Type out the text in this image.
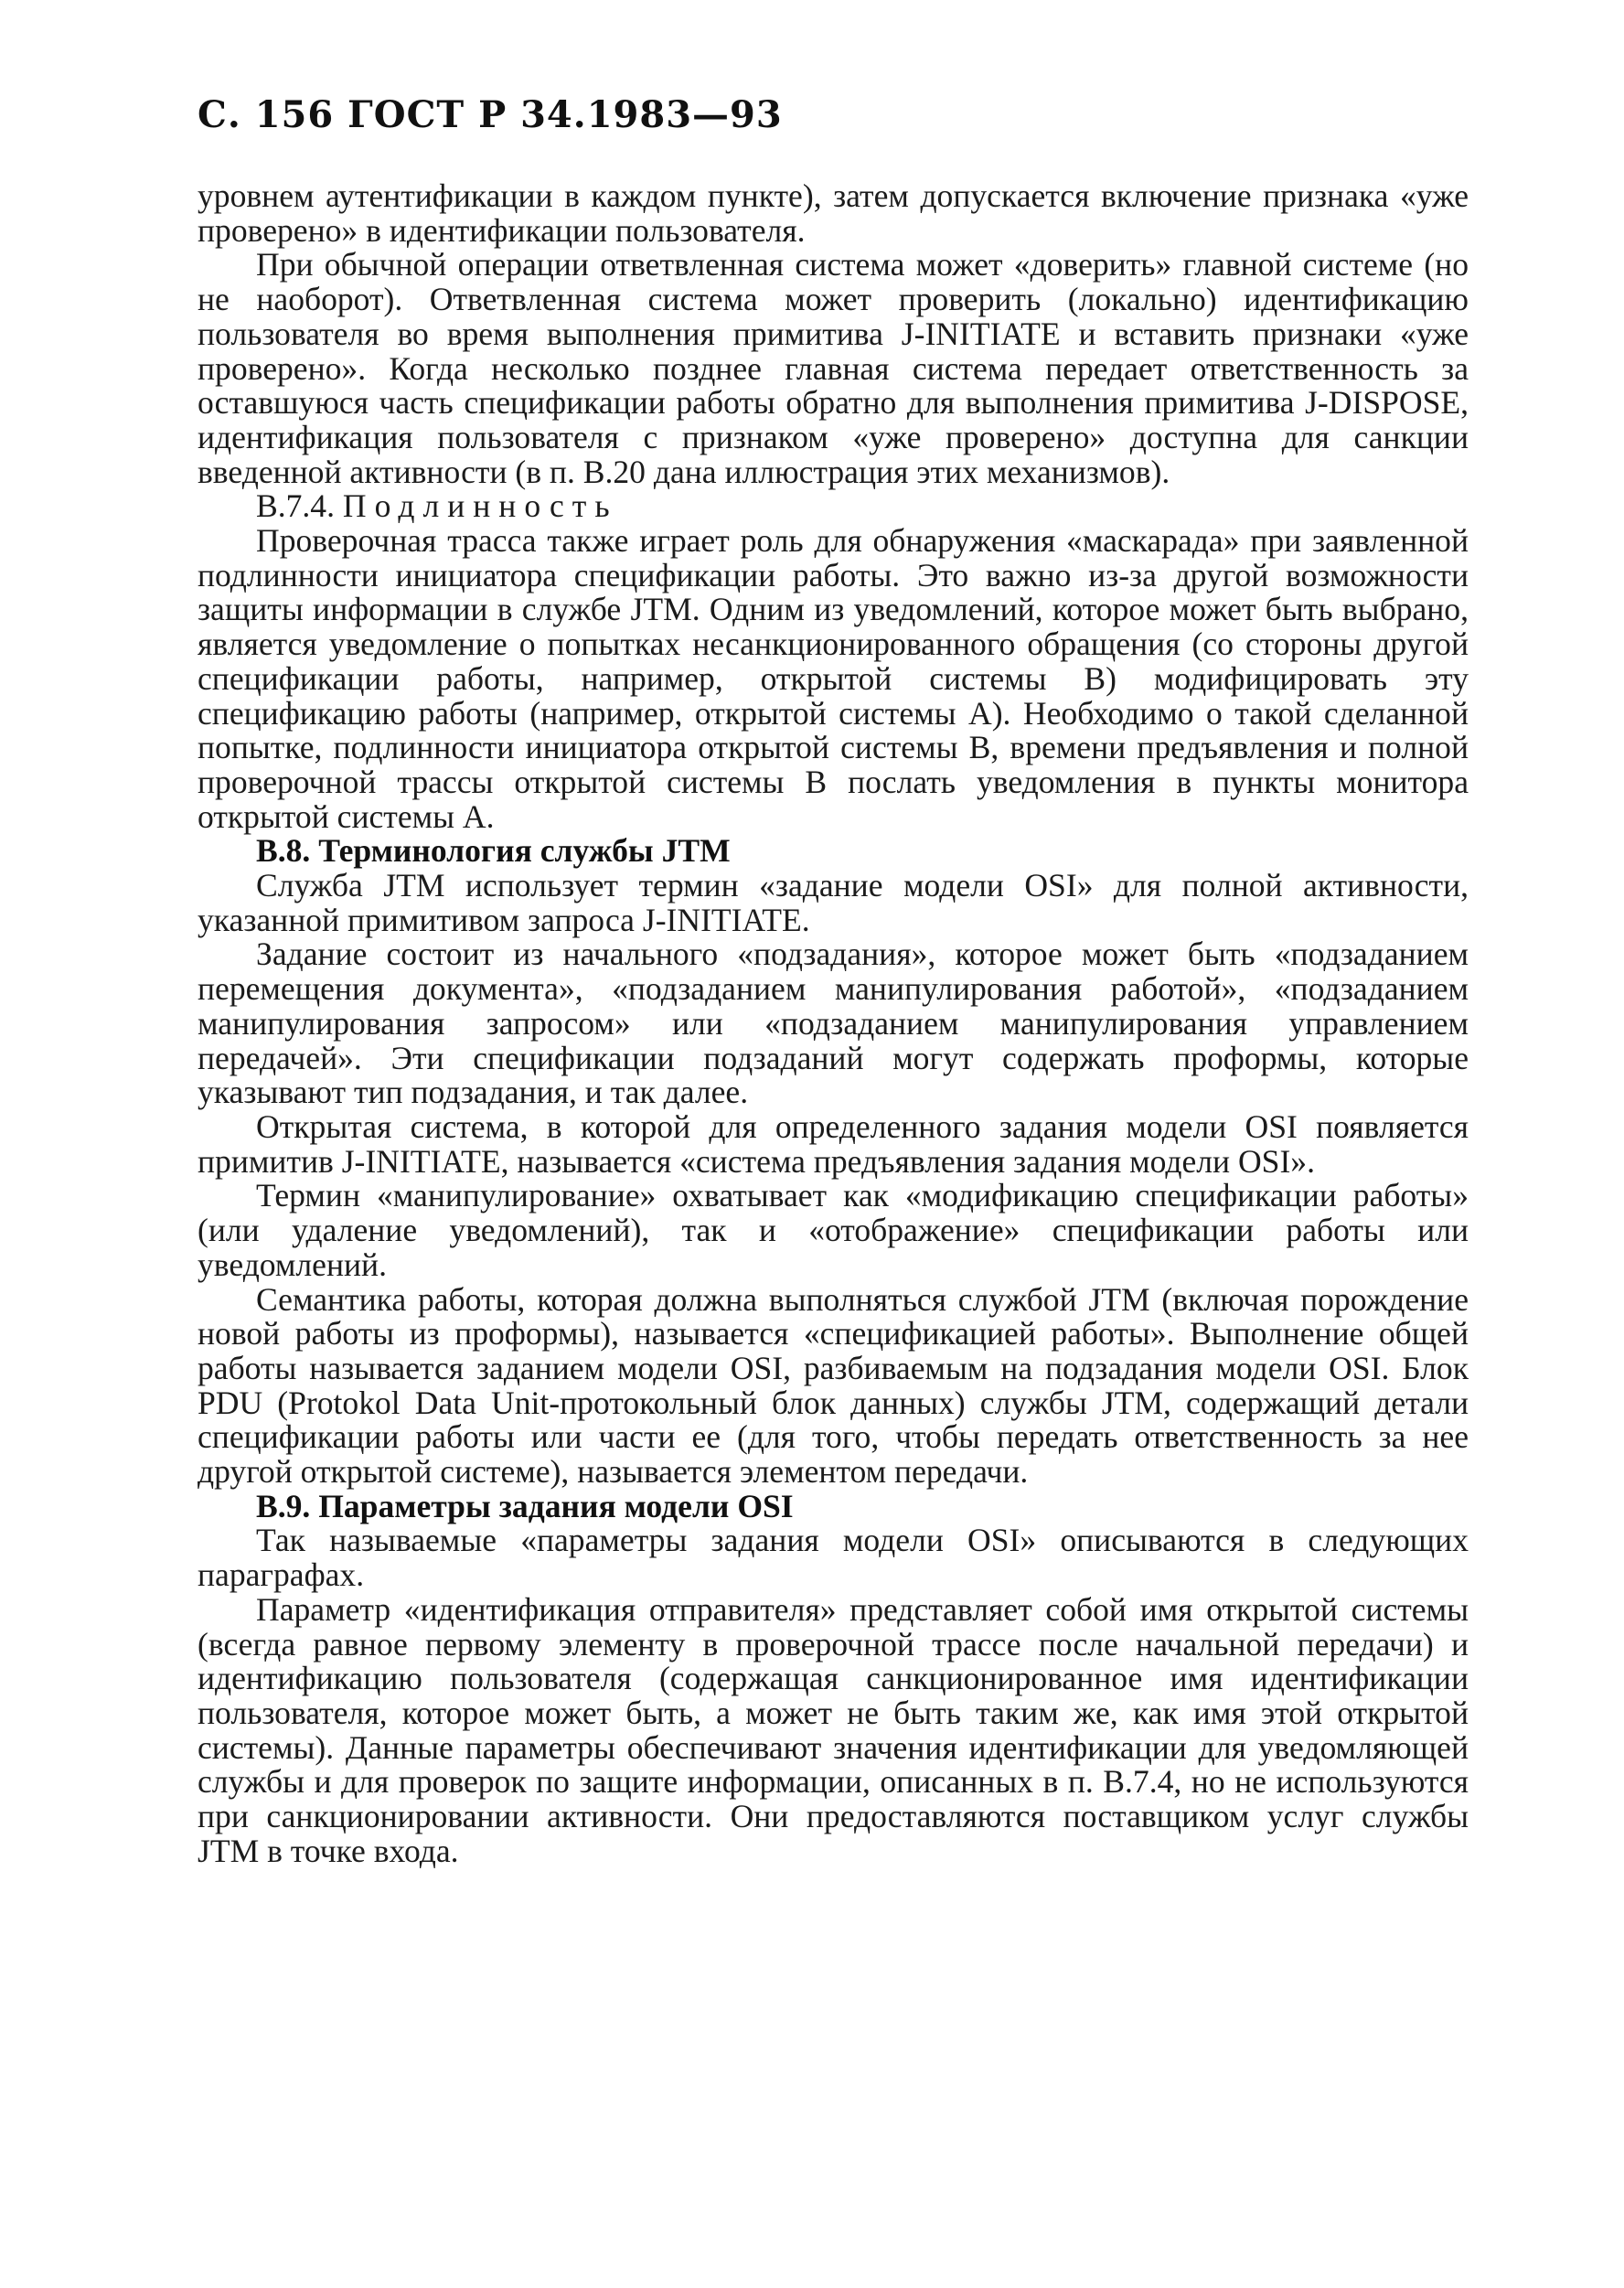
С. 156 ГОСТ Р 34.1983—93

уровнем аутентификации в каждом пункте), затем допускается включение признака «уже проверено» в идентификации пользователя.

При обычной операции ответвленная система может «доверить» главной системе (но не наоборот). Ответвленная система может проверить (локально) идентификацию пользователя во время выполнения примитива J-INITIATE и вставить признаки «уже проверено». Когда несколько позднее главная система передает ответственность за оставшуюся часть спецификации работы обратно для выполнения примитива J-DISPOSE, идентификация пользователя с признаком «уже проверено» доступна для санкции введенной активности (в п. В.20 дана иллюстрация этих механизмов).

В.7.4. Подлинность

Проверочная трасса также играет роль для обнаружения «маскарада» при заявленной подлинности инициатора спецификации работы. Это важно из-за другой возможности защиты информации в службе JTM. Одним из уведомлений, которое может быть выбрано, является уведомление о попытках несанкционированного обращения (со стороны другой спецификации работы, например, открытой системы В) модифицировать эту спецификацию работы (например, открытой системы А). Необходимо о такой сделанной попытке, подлинности инициатора открытой системы В, времени предъявления и полной проверочной трассы открытой системы В послать уведомления в пункты монитора открытой системы А.

В.8. Терминология службы JTM

Служба JTM использует термин «задание модели OSI» для полной активности, указанной примитивом запроса J-INITIATE.

Задание состоит из начального «подзадания», которое может быть «подзаданием перемещения документа», «подзаданием манипулирования работой», «подзаданием манипулирования запросом» или «подзаданием манипулирования управлением передачей». Эти спецификации подзаданий могут содержать проформы, которые указывают тип подзадания, и так далее.

Открытая система, в которой для определенного задания модели OSI появляется примитив J-INITIATE, называется «система предъявления задания модели OSI».

Термин «манипулирование» охватывает как «модификацию спецификации работы» (или удаление уведомлений), так и «отображение» спецификации работы или уведомлений.

Семантика работы, которая должна выполняться службой JTM (включая порождение новой работы из проформы), называется «спецификацией работы». Выполнение общей работы называется заданием модели OSI, разбиваемым на подзадания модели OSI. Блок PDU (Protokol Data Unit-протокольный блок данных) службы JTM, содержащий детали спецификации работы или части ее (для того, чтобы передать ответственность за нее другой открытой системе), называется элементом передачи.

В.9. Параметры задания модели OSI

Так называемые «параметры задания модели OSI» описываются в следующих параграфах.

Параметр «идентификация отправителя» представляет собой имя открытой системы (всегда равное первому элементу в проверочной трассе после начальной передачи) и идентификацию пользователя (содержащая санкционированное имя идентификации пользователя, которое может быть, а может не быть таким же, как имя этой открытой системы). Данные параметры обеспечивают значения идентификации для уведомляющей службы и для проверок по защите информации, описанных в п. В.7.4, но не используются при санкционировании активности. Они предоставляются поставщиком услуг службы JTM в точке входа.
